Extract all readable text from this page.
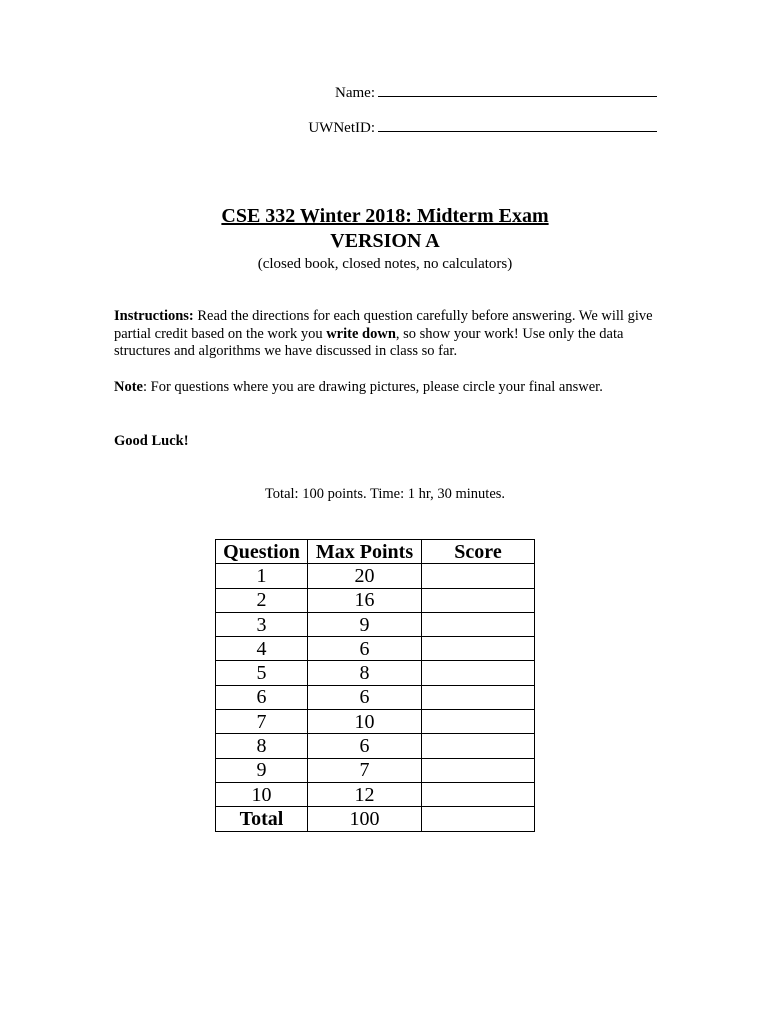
Name:
UWNetID:
CSE 332 Winter 2018: Midterm Exam
VERSION A
(closed book, closed notes, no calculators)
Instructions: Read the directions for each question carefully before answering. We will give partial credit based on the work you write down, so show your work! Use only the data structures and algorithms we have discussed in class so far.
Note: For questions where you are drawing pictures, please circle your final answer.
Good Luck!
Total: 100 points. Time: 1 hr, 30 minutes.
Question	Max Points	Score
1	20	
2	16	
3	9	
4	6	
5	8	
6	6	
7	10	
8	6	
9	7	
10	12	
Total	100	
